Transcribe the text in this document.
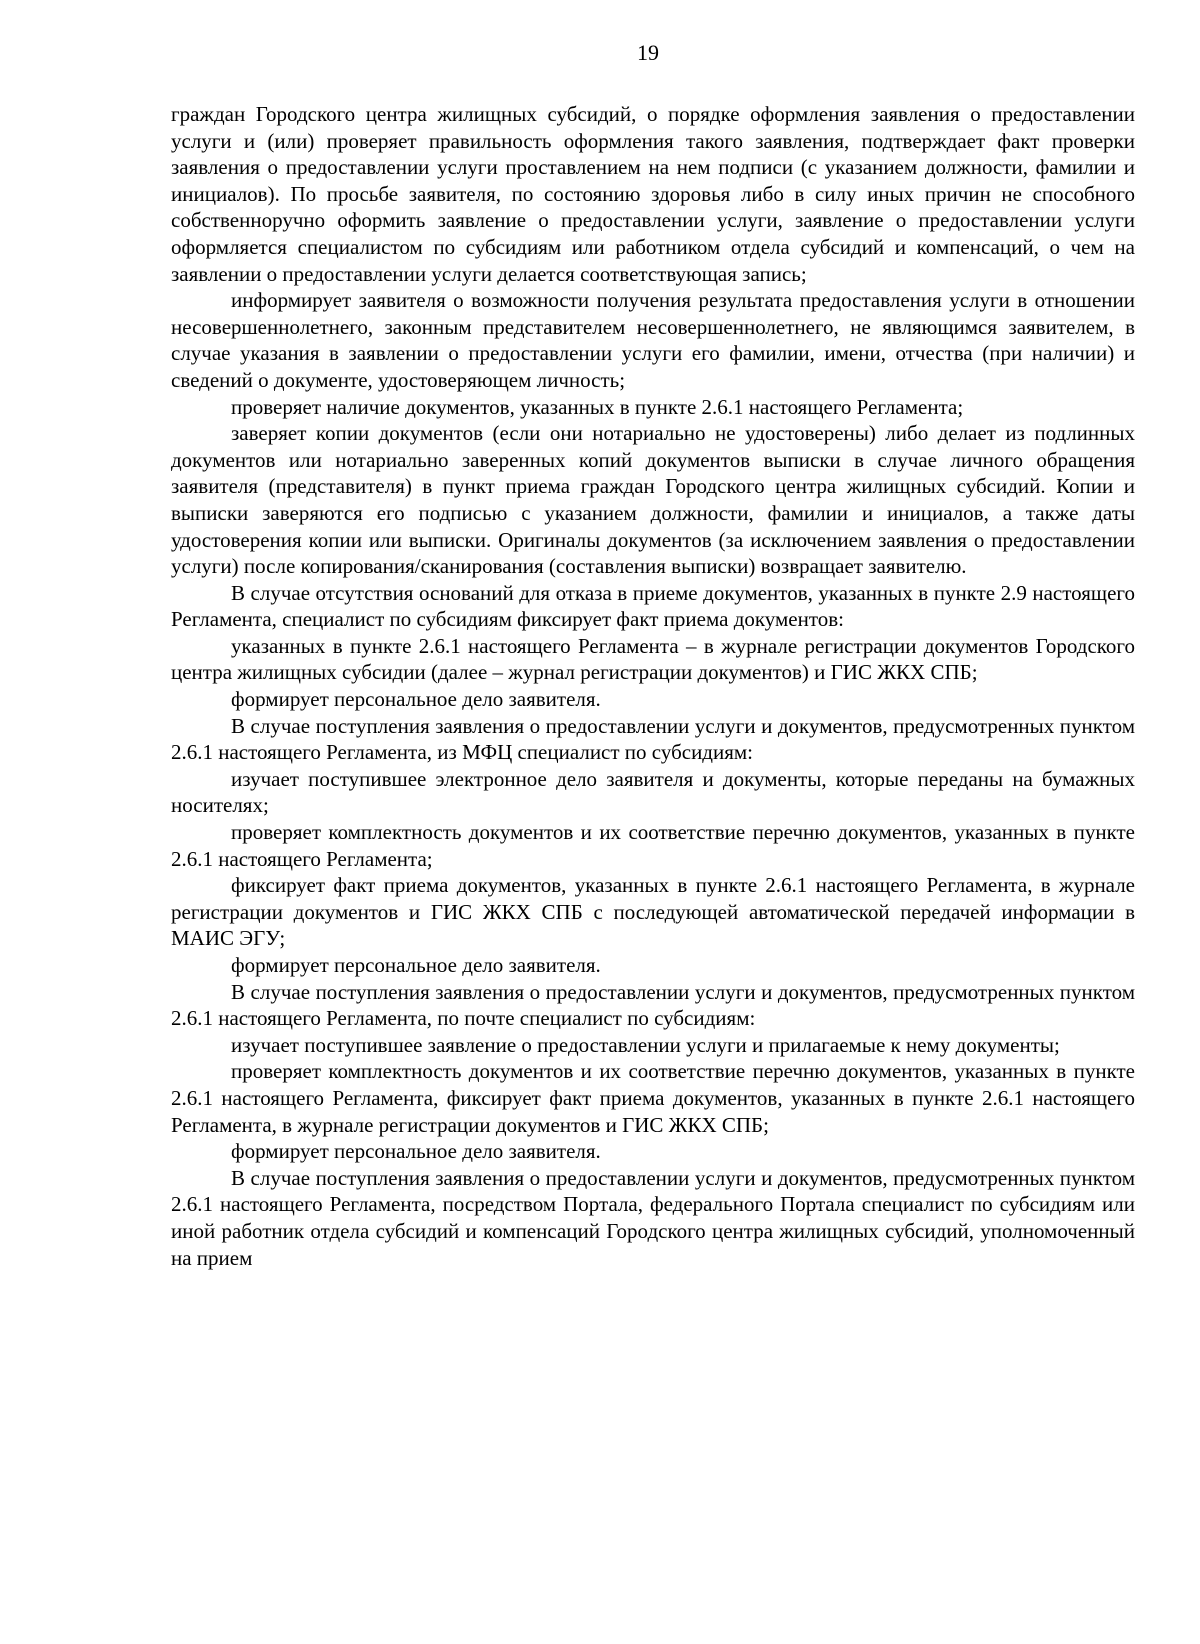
19

граждан Городского центра жилищных субсидий, о порядке оформления заявления о предоставлении услуги и (или) проверяет правильность оформления такого заявления, подтверждает факт проверки заявления о предоставлении услуги проставлением на нем подписи (с указанием должности, фамилии и инициалов). По просьбе заявителя, по состоянию здоровья либо в силу иных причин не способного собственноручно оформить заявление о предоставлении услуги, заявление о предоставлении услуги оформляется специалистом по субсидиям или работником отдела субсидий и компенсаций, о чем на заявлении о предоставлении услуги делается соответствующая запись;

информирует заявителя о возможности получения результата предоставления услуги в отношении несовершеннолетнего, законным представителем несовершеннолетнего, не являющимся заявителем, в случае указания в заявлении о предоставлении услуги его фамилии, имени, отчества (при наличии) и сведений о документе, удостоверяющем личность;

проверяет наличие документов, указанных в пункте 2.6.1 настоящего Регламента;

заверяет копии документов (если они нотариально не удостоверены) либо делает из подлинных документов или нотариально заверенных копий документов выписки в случае личного обращения заявителя (представителя) в пункт приема граждан Городского центра жилищных субсидий. Копии и выписки заверяются его подписью с указанием должности, фамилии и инициалов, а также даты удостоверения копии или выписки. Оригиналы документов (за исключением заявления о предоставлении услуги) после копирования/сканирования (составления выписки) возвращает заявителю.

В случае отсутствия оснований для отказа в приеме документов, указанных в пункте 2.9 настоящего Регламента, специалист по субсидиям фиксирует факт приема документов:

указанных в пункте 2.6.1 настоящего Регламента – в журнале регистрации документов Городского центра жилищных субсидии (далее – журнал регистрации документов) и ГИС ЖКХ СПБ;

формирует персональное дело заявителя.

В случае поступления заявления о предоставлении услуги и документов, предусмотренных пунктом 2.6.1 настоящего Регламента, из МФЦ специалист по субсидиям:

изучает поступившее электронное дело заявителя и документы, которые переданы на бумажных носителях;

проверяет комплектность документов и их соответствие перечню документов, указанных в пункте 2.6.1 настоящего Регламента;

фиксирует факт приема документов, указанных в пункте 2.6.1 настоящего Регламента, в журнале регистрации документов и ГИС ЖКХ СПБ с последующей автоматической передачей информации в МАИС ЭГУ;

формирует персональное дело заявителя.

В случае поступления заявления о предоставлении услуги и документов, предусмотренных пунктом 2.6.1 настоящего Регламента, по почте специалист по субсидиям:

изучает поступившее заявление о предоставлении услуги и прилагаемые к нему документы;

проверяет комплектность документов и их соответствие перечню документов, указанных в пункте 2.6.1 настоящего Регламента, фиксирует факт приема документов, указанных в пункте 2.6.1 настоящего Регламента, в журнале регистрации документов и ГИС ЖКХ СПБ;

формирует персональное дело заявителя.

В случае поступления заявления о предоставлении услуги и документов, предусмотренных пунктом 2.6.1 настоящего Регламента, посредством Портала, федерального Портала специалист по субсидиям или иной работник отдела субсидий и компенсаций Городского центра жилищных субсидий, уполномоченный на прием
